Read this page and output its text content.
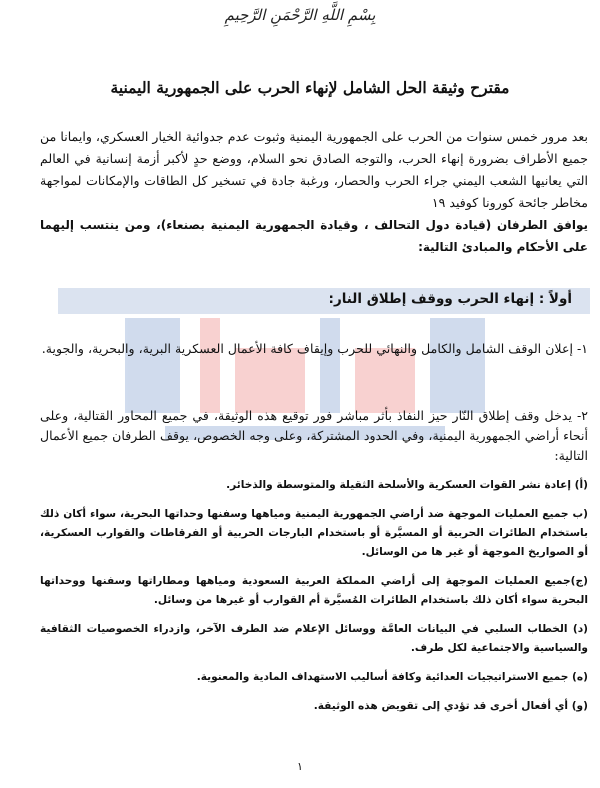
بِسْمِ اللَّهِ الرَّحْمَنِ الرَّحِيمِ
مقترح وثيقة الحل الشامل لإنهاء الحرب على الجمهورية اليمنية
بعد مرور خمس سنوات من الحرب على الجمهورية اليمنية وثبوت عدم جدوائية الخيار العسكري، وايمانا من جميع الأطراف بضرورة إنهاء الحرب، والتوجه الصادق نحو السلام، ووضع حدٍ لأكبر أزمة إنسانية في العالم التي يعانيها الشعب اليمني جراء الحرب والحصار، ورغبة جادة في تسخير كل الطاقات والإمكانات لمواجهة مخاطر جائحة كورونا كوفيد ١٩
يوافق الطرفان (قيادة دول التحالف ، وقيادة الجمهورية اليمنية بصنعاء)، ومن ينتسب إليهما على الأحكام والمبادئ التالية:
أولاً : إنهاء الحرب ووقف إطلاق النار:
١- إعلان الوقف الشامل والكامل والنهائي للحرب وإيقاف كافة الأعمال العسكرية البرية، والبحرية، والجوية.
٢- يدخل وقف إطلاق النّار حيز النفاذ بأثر مباشر فور توقيع هذه الوثيقة، في جميع المحاور القتالية، وعلى أنحاء أراضي الجمهورية اليمنية، وفي الحدود المشتركة، وعلى وجه الخصوص، يوقف الطرفان جميع الأعمال التالية:
(أ) إعادة نشر القوات العسكرية والأسلحة الثقيلة والمتوسطة والذخائر.
(ب جميع العمليات الموجهة ضد أراضي الجمهورية اليمنية ومياهها وسفنها وحداتها البحرية، سواء أكان ذلك باستخدام الطائرات الحربية أو المسيَّرة أو باستخدام البارجات الحربية أو الفرقاطات والقوارب العسكرية، أو الصواريخ الموجهة أو غير ها من الوسائل.
(ج)جميع العمليات الموجهة إلى أراضي المملكة العربية السعودية ومياهها ومطاراتها وسفنها ووحداتها البحرية سواء أكان ذلك باستخدام الطائرات المُسيَّرة أم القوارب أو غيرها من وسائل.
(د) الخطاب السلبي في البيانات العامَّة ووسائل الإعلام ضد الطرف الآخر، وازدراء الخصوصيات الثقافية والسياسية والاجتماعية لكل طرف.
(ه) جميع الاستراتيجيات العدائية وكافة أساليب الاستهداف المادية والمعنوية.
(و) أي أفعال أخرى قد تؤدي إلى تقويض هذه الوثيقة.
١
